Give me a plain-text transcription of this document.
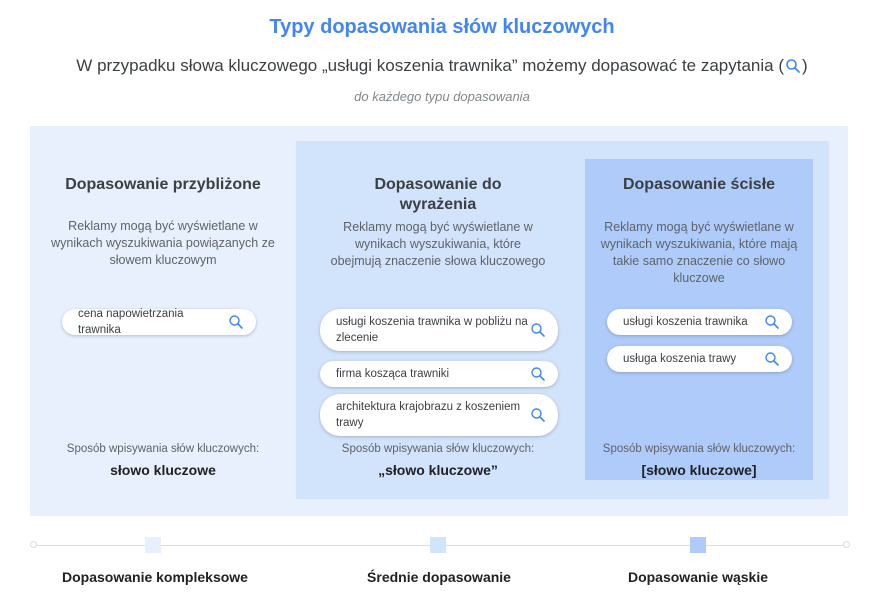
Typy dopasowania słów kluczowych
W przypadku słowa kluczowego „usługi koszenia trawnika” możemy dopasować te zapytania ( )
do każdego typu dopasowania
Dopasowanie przybliżone
Reklamy mogą być wyświetlane w wynikach wyszukiwania powiązanych ze słowem kluczowym
cena napowietrzania trawnika
Sposób wpisywania słów kluczowych:
słowo kluczowe
Dopasowanie do wyrażenia
Reklamy mogą być wyświetlane w wynikach wyszukiwania, które obejmują znaczenie słowa kluczowego
usługi koszenia trawnika w pobliżu na zlecenie
firma kosząca trawniki
architektura krajobrazu z koszeniem trawy
Sposób wpisywania słów kluczowych:
„słowo kluczowe”
Dopasowanie ścisłe
Reklamy mogą być wyświetlane w wynikach wyszukiwania, które mają takie samo znaczenie co słowo kluczowe
usługi koszenia trawnika
usługa koszenia trawy
Sposób wpisywania słów kluczowych:
[słowo kluczowe]
Dopasowanie kompleksowe	Średnie dopasowanie	Dopasowanie wąskie
